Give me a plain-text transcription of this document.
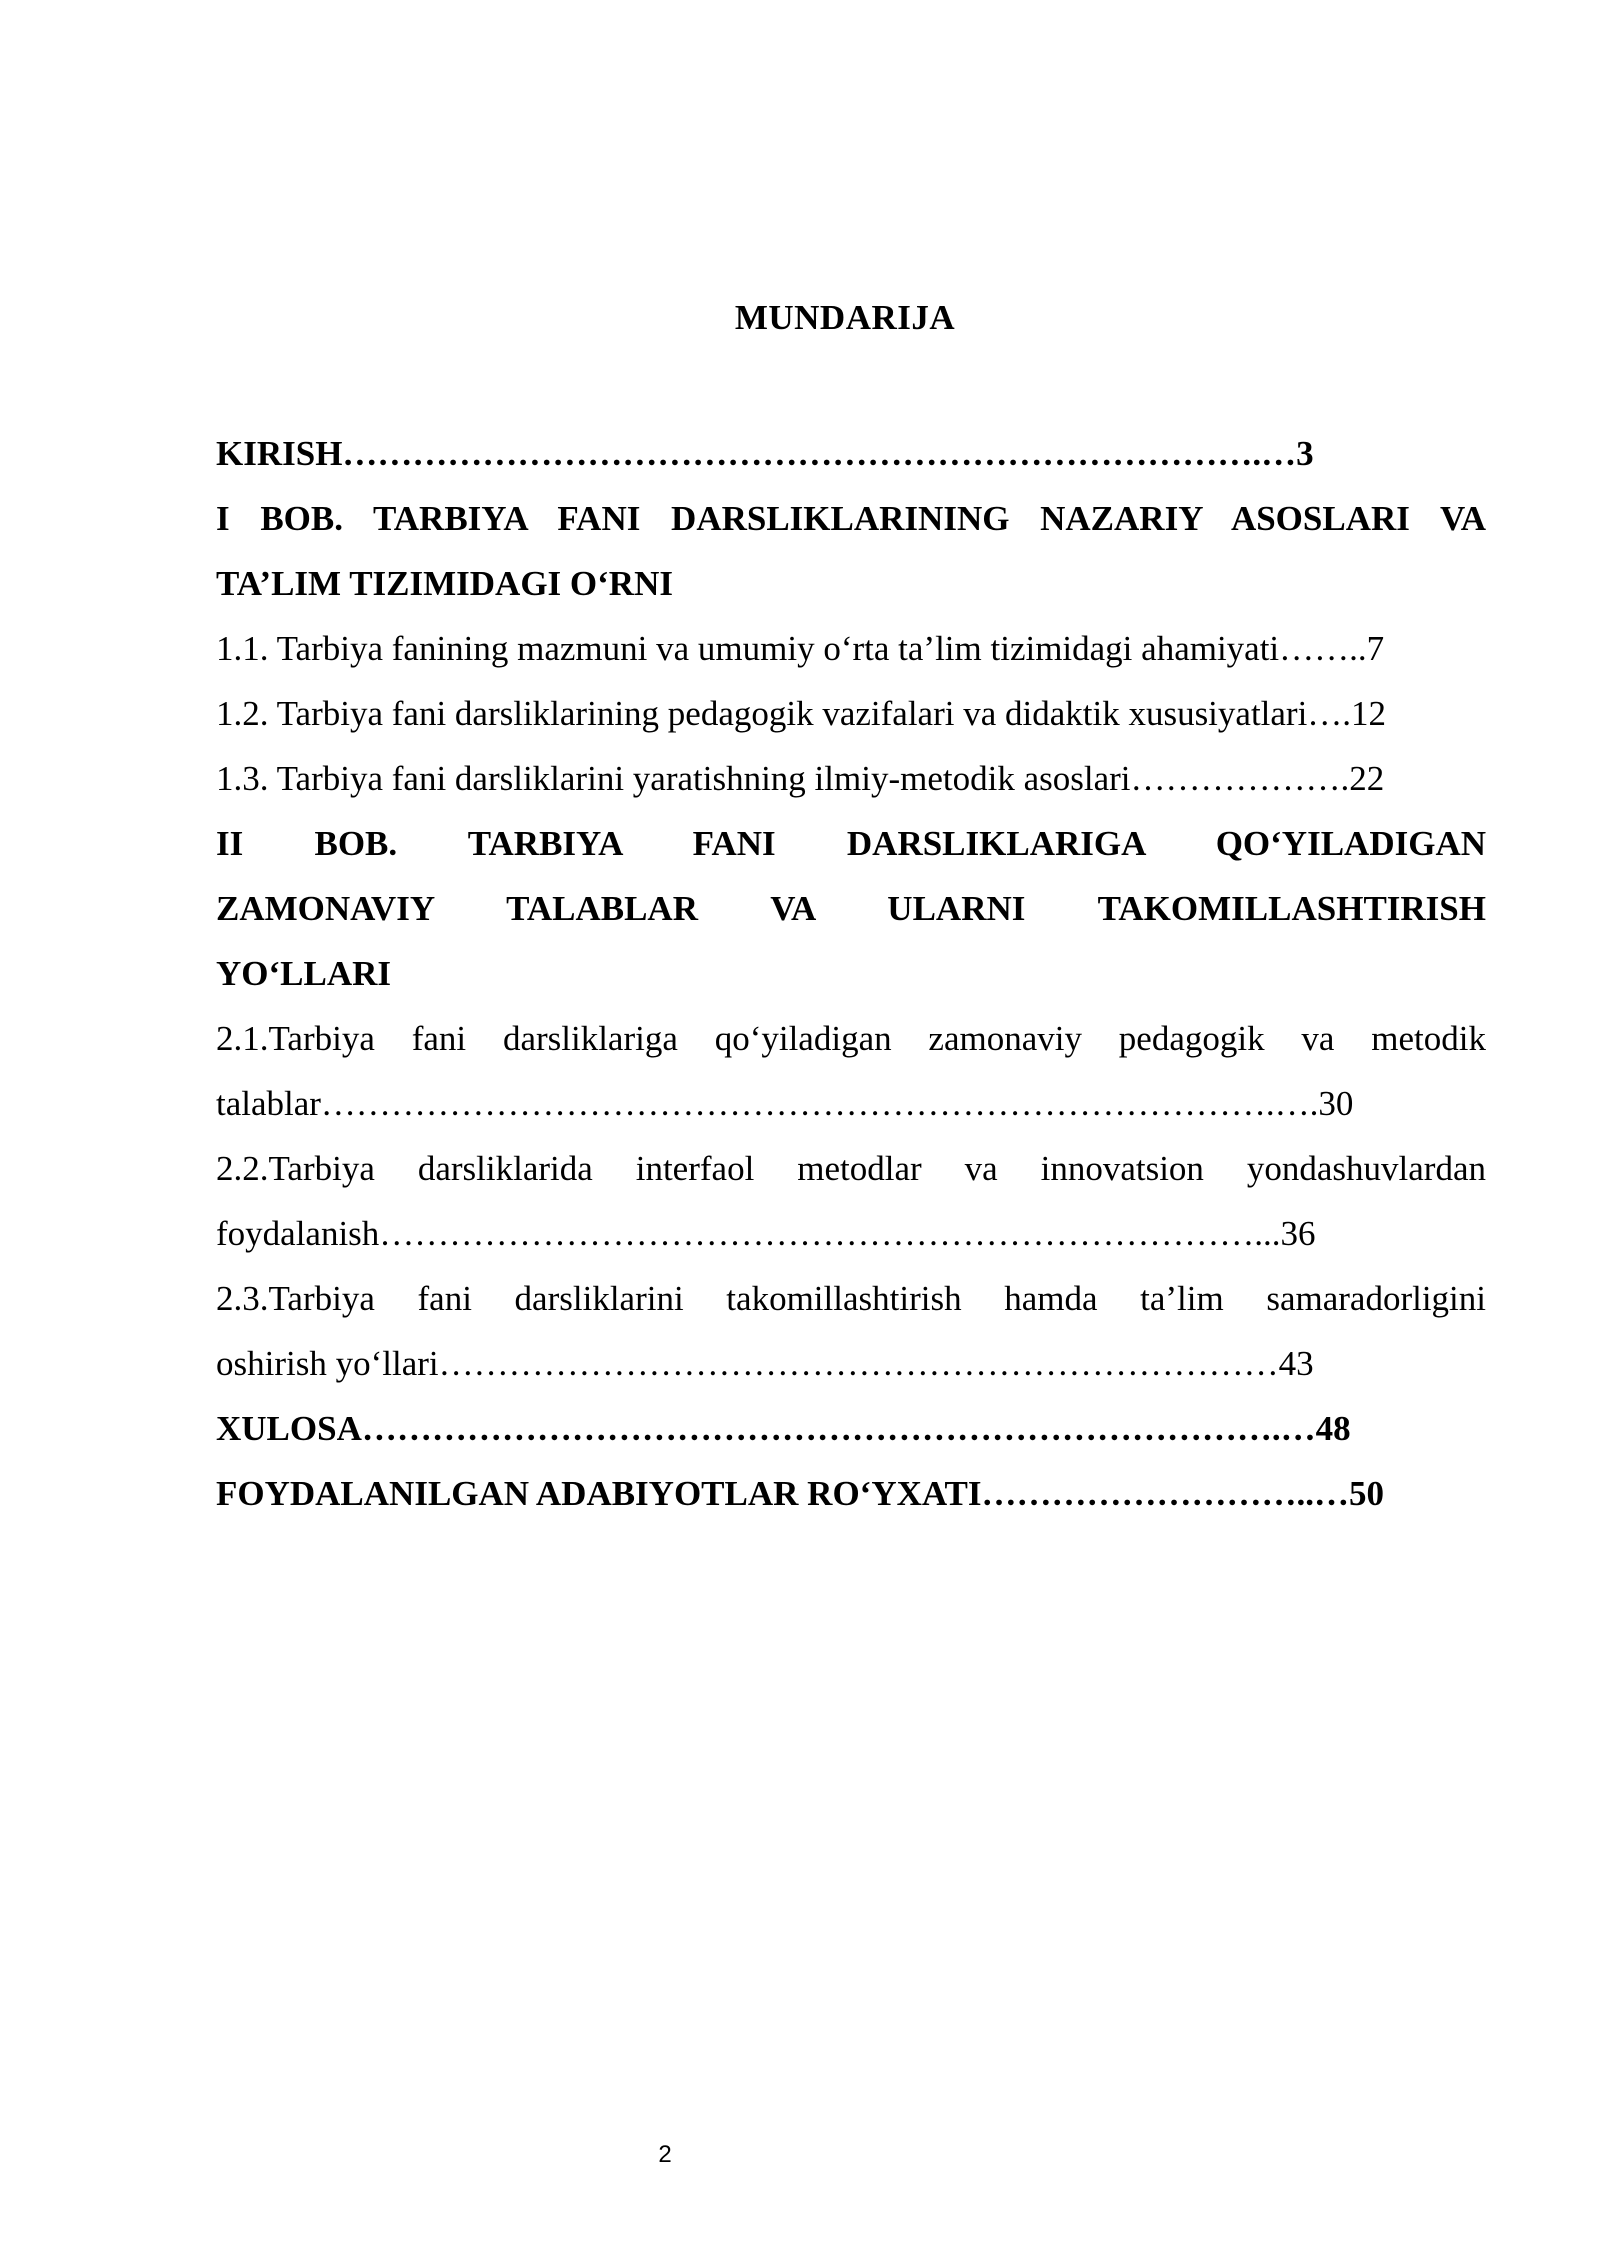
MUNDARIJA
KIRISH…………………………………………………………………….…3
I BOB. TARBIYA FANI DARSLIKLARINING NAZARIY ASOSLARI VA
TA’LIM TIZIMIDAGI O‘RNI
1.1. Tarbiya fanining mazmuni va umumiy o‘rta ta’lim tizimidagi ahamiyati……..7
1.2. Tarbiya fani darsliklarining pedagogik vazifalari va didaktik xususiyatlari….12
1.3. Tarbiya fani darsliklarini yaratishning ilmiy-metodik asoslari……………….22
II BOB. TARBIYA FANI DARSLIKLARIGA QO‘YILADIGAN
ZAMONAVIY TALABLAR VA ULARNI TAKOMILLASHTIRISH
YO‘LLARI
2.1.Tarbiya fani darsliklariga qo‘yiladigan zamonaviy pedagogik va metodik
talablar……………………………………………………………………….….30
2.2.Tarbiya darsliklarida interfaol metodlar va innovatsion yondashuvlardan
foydalanish…………………………………………………………………...36
2.3.Tarbiya fani darsliklarini takomillashtirish hamda ta’lim samaradorligini
oshirish yo‘llari………………………………………………………………43
XULOSA…………………………………………………………………….…48
FOYDALANILGAN ADABIYOTLAR RO‘YXATI………………………..…50
2
